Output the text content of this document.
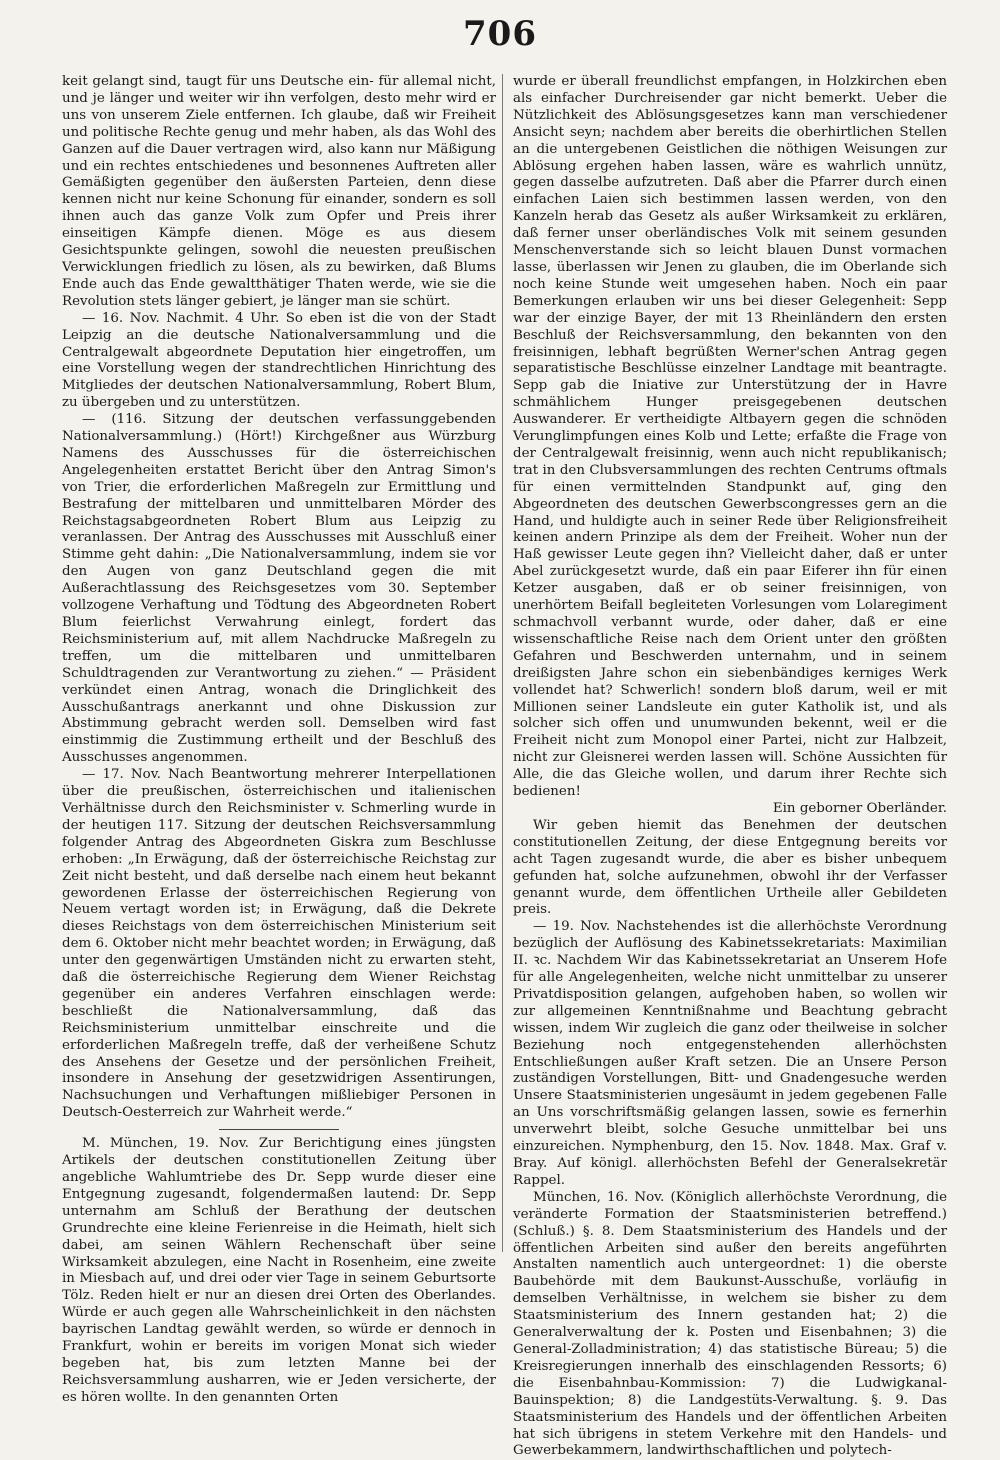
706

keit gelangt sind, taugt für uns Deutsche ein- für allemal nicht, und je länger und weiter wir ihn verfolgen, desto mehr wird er uns von unserem Ziele entfernen. Ich glaube, daß wir Freiheit und politische Rechte genug und mehr haben, als das Wohl des Ganzen auf die Dauer vertragen wird, also kann nur Mäßigung und ein rechtes entschiedenes und besonnenes Auftreten aller Gemäßigten gegenüber den äußersten Parteien, denn diese kennen nicht nur keine Schonung für einander, sondern es soll ihnen auch das ganze Volk zum Opfer und Preis ihrer einseitigen Kämpfe dienen. Möge es aus diesem Gesichtspunkte gelingen, sowohl die neuesten preußischen Verwicklungen friedlich zu lösen, als zu bewirken, daß Blums Ende auch das Ende gewaltthätiger Thaten werde, wie sie die Revolution stets länger gebiert, je länger man sie schürt.

— 16. Nov. Nachmit. 4 Uhr. So eben ist die von der Stadt Leipzig an die deutsche Nationalversammlung und die Centralgewalt abgeordnete Deputation hier eingetroffen, um eine Vorstellung wegen der standrechtlichen Hinrichtung des Mitgliedes der deutschen Nationalversammlung, Robert Blum, zu übergeben und zu unterstützen.

— (116. Sitzung der deutschen verfassunggebenden Nationalversammlung.) (Hört!) Kirchgeßner aus Würzburg Namens des Ausschusses für die österreichischen Angelegenheiten erstattet Bericht über den Antrag Simon's von Trier, die erforderlichen Maßregeln zur Ermittlung und Bestrafung der mittelbaren und unmittelbaren Mörder des Reichstagsabgeordneten Robert Blum aus Leipzig zu veranlassen. Der Antrag des Ausschusses mit Ausschluß einer Stimme geht dahin: „Die Nationalversammlung, indem sie vor den Augen von ganz Deutschland gegen die mit Außerachtlassung des Reichsgesetzes vom 30. September vollzogene Verhaftung und Tödtung des Abgeordneten Robert Blum feierlichst Verwahrung einlegt, fordert das Reichsministerium auf, mit allem Nachdrucke Maßregeln zu treffen, um die mittelbaren und unmittelbaren Schuldtragenden zur Verantwortung zu ziehen.“ — Präsident verkündet einen Antrag, wonach die Dringlichkeit des Ausschußantrags anerkannt und ohne Diskussion zur Abstimmung gebracht werden soll. Demselben wird fast einstimmig die Zustimmung ertheilt und der Beschluß des Ausschusses angenommen.

— 17. Nov. Nach Beantwortung mehrerer Interpellationen über die preußischen, österreichischen und italienischen Verhältnisse durch den Reichsminister v. Schmerling wurde in der heutigen 117. Sitzung der deutschen Reichsversammlung folgender Antrag des Abgeordneten Giskra zum Beschlusse erhoben: „In Erwägung, daß der österreichische Reichstag zur Zeit nicht besteht, und daß derselbe nach einem heut bekannt gewordenen Erlasse der österreichischen Regierung von Neuem vertagt worden ist; in Erwägung, daß die Dekrete dieses Reichstags von dem österreichischen Ministerium seit dem 6. Oktober nicht mehr beachtet worden; in Erwägung, daß unter den gegenwärtigen Umständen nicht zu erwarten steht, daß die österreichische Regierung dem Wiener Reichstag gegenüber ein anderes Verfahren einschlagen werde: beschließt die Nationalversammlung, daß das Reichsministerium unmittelbar einschreite und die erforderlichen Maßregeln treffe, daß der verheißene Schutz des Ansehens der Gesetze und der persönlichen Freiheit, insondere in Ansehung der gesetzwidrigen Assentirungen, Nachsuchungen und Verhaftungen mißliebiger Personen in Deutsch-Oesterreich zur Wahrheit werde.“

M. München, 19. Nov. Zur Berichtigung eines jüngsten Artikels der deutschen constitutionellen Zeitung über angebliche Wahlumtriebe des Dr. Sepp wurde dieser eine Entgegnung zugesandt, folgendermaßen lautend: Dr. Sepp unternahm am Schluß der Berathung der deutschen Grundrechte eine kleine Ferienreise in die Heimath, hielt sich dabei, am seinen Wählern Rechenschaft über seine Wirksamkeit abzulegen, eine Nacht in Rosenheim, eine zweite in Miesbach auf, und drei oder vier Tage in seinem Geburtsorte Tölz. Reden hielt er nur an diesen drei Orten des Oberlandes. Würde er auch gegen alle Wahrscheinlichkeit in den nächsten bayrischen Landtag gewählt werden, so würde er dennoch in Frankfurt, wohin er bereits im vorigen Monat sich wieder begeben hat, bis zum letzten Manne bei der Reichsversammlung ausharren, wie er Jeden versicherte, der es hören wollte. In den genannten Orten

wurde er überall freundlichst empfangen, in Holzkirchen eben als einfacher Durchreisender gar nicht bemerkt. Ueber die Nützlichkeit des Ablösungsgesetzes kann man verschiedener Ansicht seyn; nachdem aber bereits die oberhirtlichen Stellen an die untergebenen Geistlichen die nöthigen Weisungen zur Ablösung ergehen haben lassen, wäre es wahrlich unnütz, gegen dasselbe aufzutreten. Daß aber die Pfarrer durch einen einfachen Laien sich bestimmen lassen werden, von den Kanzeln herab das Gesetz als außer Wirksamkeit zu erklären, daß ferner unser oberländisches Volk mit seinem gesunden Menschenverstande sich so leicht blauen Dunst vormachen lasse, überlassen wir Jenen zu glauben, die im Oberlande sich noch keine Stunde weit umgesehen haben. Noch ein paar Bemerkungen erlauben wir uns bei dieser Gelegenheit: Sepp war der einzige Bayer, der mit 13 Rheinländern den ersten Beschluß der Reichsversammlung, den bekannten von den freisinnigen, lebhaft begrüßten Werner'schen Antrag gegen separatistische Beschlüsse einzelner Landtage mit beantragte. Sepp gab die Iniative zur Unterstützung der in Havre schmählichem Hunger preisgegebenen deutschen Auswanderer. Er vertheidigte Altbayern gegen die schnöden Verunglimpfungen eines Kolb und Lette; erfaßte die Frage von der Centralgewalt freisinnig, wenn auch nicht republikanisch; trat in den Clubsversammlungen des rechten Centrums oftmals für einen vermittelnden Standpunkt auf, ging den Abgeordneten des deutschen Gewerbscongresses gern an die Hand, und huldigte auch in seiner Rede über Religionsfreiheit keinen andern Prinzipe als dem der Freiheit. Woher nun der Haß gewisser Leute gegen ihn? Vielleicht daher, daß er unter Abel zurückgesetzt wurde, daß ein paar Eiferer ihn für einen Ketzer ausgaben, daß er ob seiner freisinnigen, von unerhörtem Beifall begleiteten Vorlesungen vom Lolaregiment schmachvoll verbannt wurde, oder daher, daß er eine wissenschaftliche Reise nach dem Orient unter den größten Gefahren und Beschwerden unternahm, und in seinem dreißigsten Jahre schon ein siebenbändiges kerniges Werk vollendet hat? Schwerlich! sondern bloß darum, weil er mit Millionen seiner Landsleute ein guter Katholik ist, und als solcher sich offen und unumwunden bekennt, weil er die Freiheit nicht zum Monopol einer Partei, nicht zur Halbzeit, nicht zur Gleisnerei werden lassen will. Schöne Aussichten für Alle, die das Gleiche wollen, und darum ihrer Rechte sich bedienen!

Ein geborner Oberländer.

Wir geben hiemit das Benehmen der deutschen constitutionellen Zeitung, der diese Entgegnung bereits vor acht Tagen zugesandt wurde, die aber es bisher unbequem gefunden hat, solche aufzunehmen, obwohl ihr der Verfasser genannt wurde, dem öffentlichen Urtheile aller Gebildeten preis.

— 19. Nov. Nachstehendes ist die allerhöchste Verordnung bezüglich der Auflösung des Kabinetssekretariats: Maximilian II. ꝛc. Nachdem Wir das Kabinetssekretariat an Unserem Hofe für alle Angelegenheiten, welche nicht unmittelbar zu unserer Privatdisposition gelangen, aufgehoben haben, so wollen wir zur allgemeinen Kenntnißnahme und Beachtung gebracht wissen, indem Wir zugleich die ganz oder theilweise in solcher Beziehung noch entgegenstehenden allerhöchsten Entschließungen außer Kraft setzen. Die an Unsere Person zuständigen Vorstellungen, Bitt- und Gnadengesuche werden Unsere Staatsministerien ungesäumt in jedem gegebenen Falle an Uns vorschriftsmäßig gelangen lassen, sowie es fernerhin unverwehrt bleibt, solche Gesuche unmittelbar bei uns einzureichen. Nymphenburg, den 15. Nov. 1848. Max. Graf v. Bray. Auf königl. allerhöchsten Befehl der Generalsekretär Rappel.

München, 16. Nov. (Königlich allerhöchste Verordnung, die veränderte Formation der Staatsministerien betreffend.) (Schluß.) §. 8. Dem Staatsministerium des Handels und der öffentlichen Arbeiten sind außer den bereits angeführten Anstalten namentlich auch untergeordnet: 1) die oberste Baubehörde mit dem Baukunst-Ausschuße, vorläufig in demselben Verhältnisse, in welchem sie bisher zu dem Staatsministerium des Innern gestanden hat; 2) die Generalverwaltung der k. Posten und Eisenbahnen; 3) die General-Zolladministration; 4) das statistische Büreau; 5) die Kreisregierungen innerhalb des einschlagenden Ressorts; 6) die Eisenbahnbau-Kommission: 7) die Ludwigkanal-Bauinspektion; 8) die Landgestüts-Verwaltung. §. 9. Das Staatsministerium des Handels und der öffentlichen Arbeiten hat sich übrigens in stetem Verkehre mit den Handels- und Gewerbekammern, landwirthschaftlichen und polytech-
